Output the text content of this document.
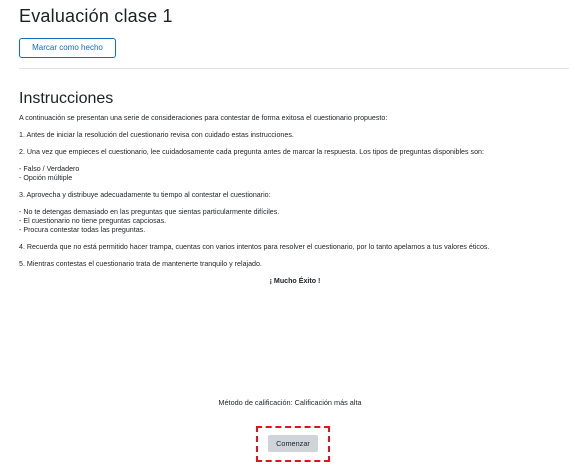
Evaluación clase 1
Marcar como hecho
Instrucciones

A continuación se presentan una serie de consideraciones para contestar de forma exitosa el cuestionario propuesto:

1. Antes de iniciar la resolución del cuestionario revisa con cuidado estas instrucciones.

2. Una vez que empieces el cuestionario, lee cuidadosamente cada pregunta antes de marcar la respuesta. Los tipos de preguntas disponibles son:

- Falso / Verdadero
- Opción múltiple

3. Aprovecha y distribuye adecuadamente tu tiempo al contestar el cuestionario:

- No te detengas demasiado en las preguntas que sientas particularmente difíciles.
- El cuestionario no tiene preguntas capciosas.
- Procura contestar todas las preguntas.

4. Recuerda que no está permitido hacer trampa, cuentas con varios intentos para resolver el cuestionario, por lo tanto apelamos a tus valores éticos.

5. Mientras contestas el cuestionario trata de mantenerte tranquilo y relajado.

¡ Mucho Éxito !

Método de calificación: Calificación más alta
Comenzar
